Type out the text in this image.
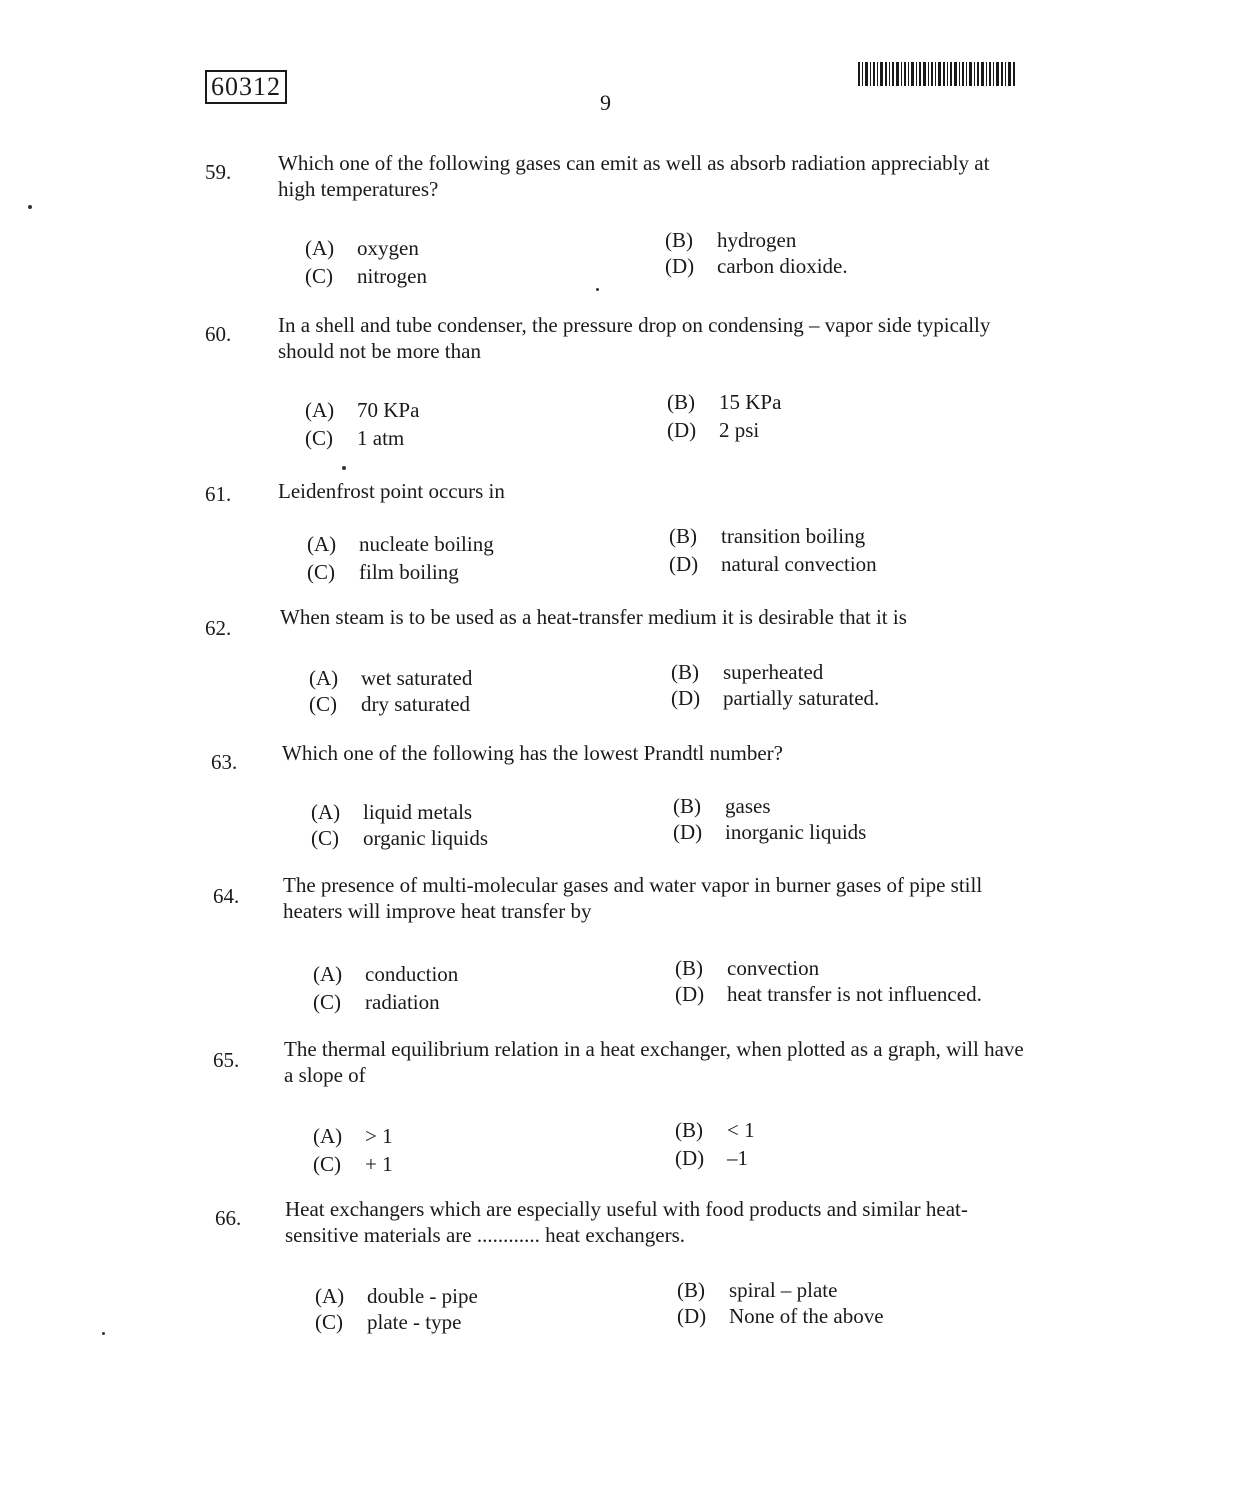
60312
9
59.	Which one of the following gases can emit as well as absorb radiation appreciably at high temperatures?
(A) oxygen	(B) hydrogen
(C) nitrogen	(D) carbon dioxide.
60.	In a shell and tube condenser, the pressure drop on condensing – vapor side typically should not be more than
(A) 70 KPa	(B) 15 KPa
(C) 1 atm	(D) 2 psi
61.	Leidenfrost point occurs in
(A) nucleate boiling	(B) transition boiling
(C) film boiling	(D) natural convection
62.	When steam is to be used as a heat-transfer medium it is desirable that it is
(A) wet saturated	(B) superheated
(C) dry saturated	(D) partially saturated.
63.	Which one of the following has the lowest Prandtl number?
(A) liquid metals	(B) gases
(C) organic liquids	(D) inorganic liquids
64.	The presence of multi-molecular gases and water vapor in burner gases of pipe still heaters will improve heat transfer by
(A) conduction	(B) convection
(C) radiation	(D) heat transfer is not influenced.
65.	The thermal equilibrium relation in a heat exchanger, when plotted as a graph, will have a slope of
(A) > 1	(B) < 1
(C) + 1	(D) –1
66.	Heat exchangers which are especially useful with food products and similar heat-sensitive materials are ............ heat exchangers.
(A) double - pipe	(B) spiral – plate
(C) plate - type	(D) None of the above
